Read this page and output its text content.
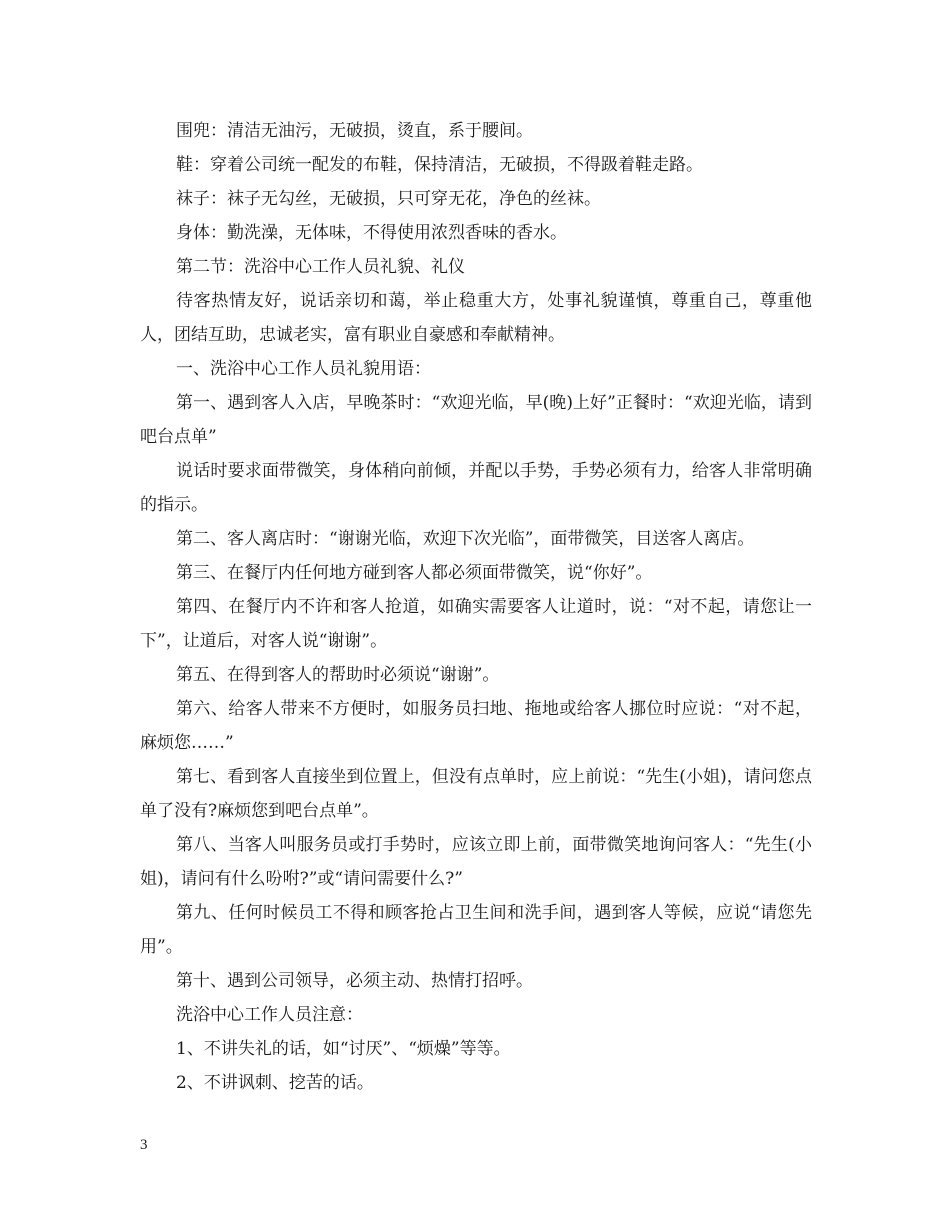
围兜：清洁无油污，无破损，烫直，系于腰间。

鞋：穿着公司统一配发的布鞋，保持清洁，无破损，不得趿着鞋走路。

袜子：袜子无勾丝，无破损，只可穿无花，净色的丝袜。

身体：勤洗澡，无体味，不得使用浓烈香味的香水。

第二节：洗浴中心工作人员礼貌、礼仪

待客热情友好，说话亲切和蔼，举止稳重大方，处事礼貌谨慎，尊重自己，尊重他人，团结互助，忠诚老实，富有职业自豪感和奉献精神。

一、洗浴中心工作人员礼貌用语：

第一、遇到客人入店，早晚茶时：“欢迎光临，早(晚)上好”正餐时：“欢迎光临，请到吧台点单”

说话时要求面带微笑，身体稍向前倾，并配以手势，手势必须有力，给客人非常明确的指示。

第二、客人离店时：“谢谢光临，欢迎下次光临”，面带微笑，目送客人离店。

第三、在餐厅内任何地方碰到客人都必须面带微笑，说“你好”。

第四、在餐厅内不许和客人抢道，如确实需要客人让道时，说：“对不起，请您让一下”，让道后，对客人说“谢谢”。

第五、在得到客人的帮助时必须说“谢谢”。

第六、给客人带来不方便时，如服务员扫地、拖地或给客人挪位时应说：“对不起，麻烦您……”

第七、看到客人直接坐到位置上，但没有点单时，应上前说：“先生(小姐)，请问您点单了没有?麻烦您到吧台点单”。

第八、当客人叫服务员或打手势时，应该立即上前，面带微笑地询问客人：“先生(小姐)，请问有什么吩咐?”或“请问需要什么?”

第九、任何时候员工不得和顾客抢占卫生间和洗手间，遇到客人等候，应说“请您先用”。

第十、遇到公司领导，必须主动、热情打招呼。

洗浴中心工作人员注意：

1、不讲失礼的话，如“讨厌”、“烦燥”等等。

2、不讲讽刺、挖苦的话。

3
